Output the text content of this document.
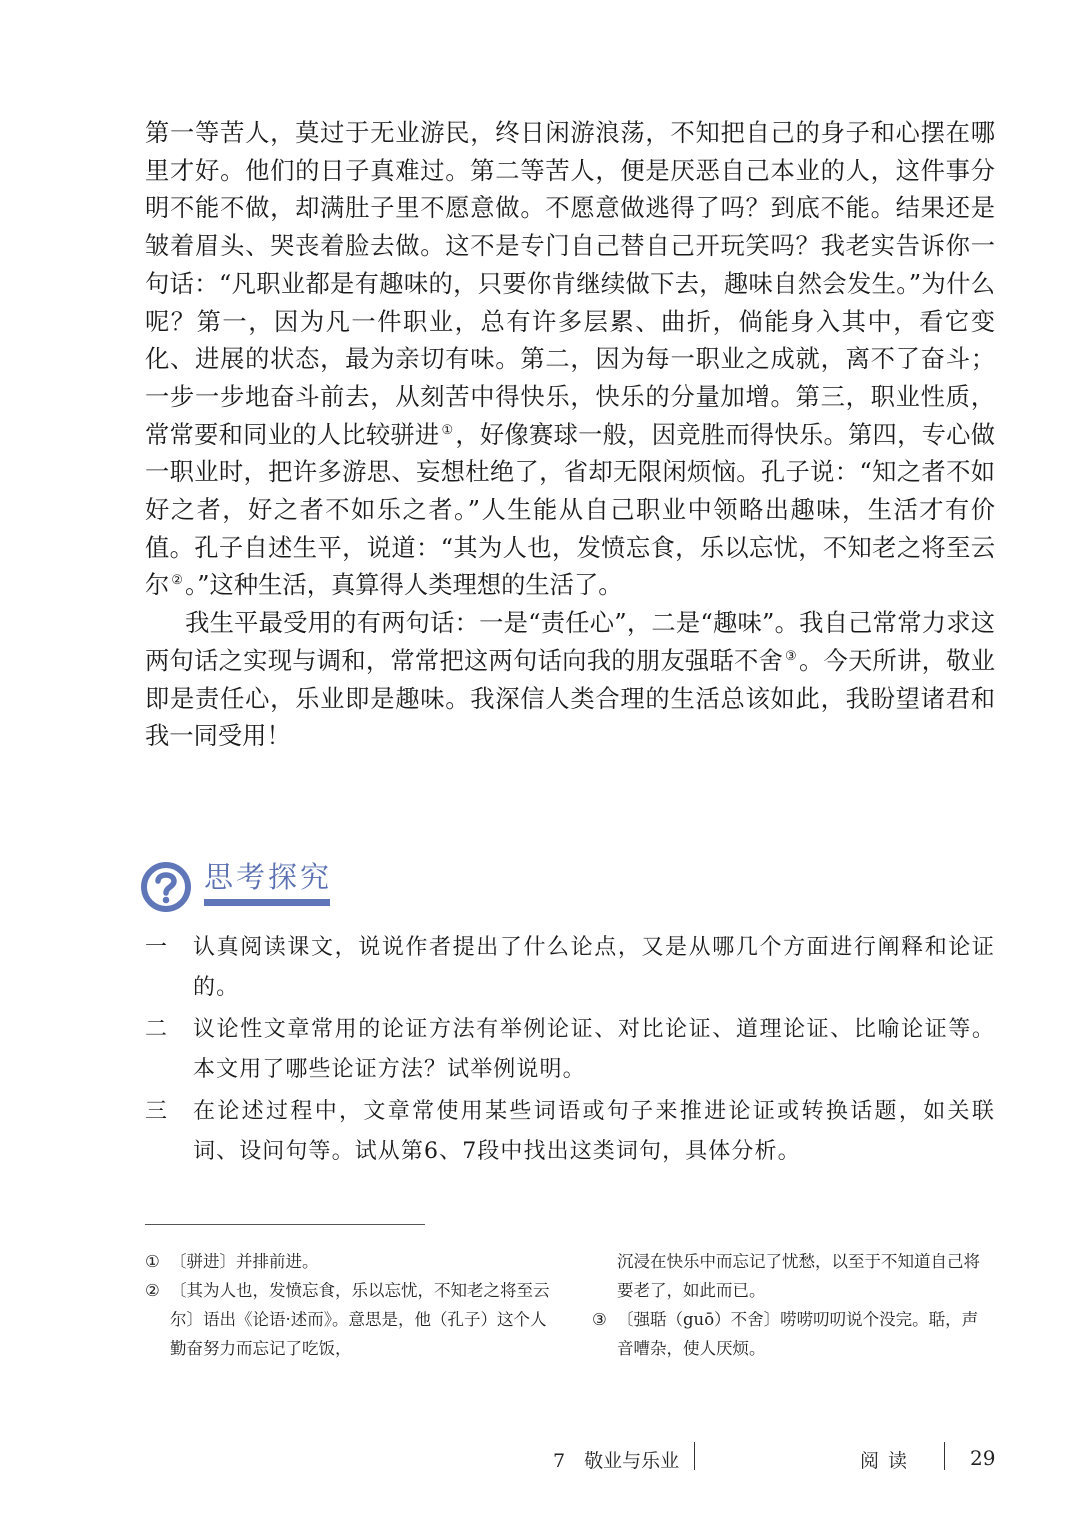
第一等苦人，莫过于无业游民，终日闲游浪荡，不知把自己的身子和心摆在哪里才好。他们的日子真难过。第二等苦人，便是厌恶自己本业的人，这件事分明不能不做，却满肚子里不愿意做。不愿意做逃得了吗？到底不能。结果还是皱着眉头、哭丧着脸去做。这不是专门自己替自己开玩笑吗？我老实告诉你一句话：“凡职业都是有趣味的，只要你肯继续做下去，趣味自然会发生。”为什么呢？第一，因为凡一件职业，总有许多层累、曲折，倘能身入其中，看它变化、进展的状态，最为亲切有味。第二，因为每一职业之成就，离不了奋斗；一步一步地奋斗前去，从刻苦中得快乐，快乐的分量加增。第三，职业性质，常常要和同业的人比较骈进 ①，好像赛球一般，因竞胜而得快乐。第四，专心做一职业时，把许多游思、妄想杜绝了，省却无限闲烦恼。孔子说：“知之者不如好之者，好之者不如乐之者。”人生能从自己职业中领略出趣味，生活才有价值。孔子自述生平，说道：“其为人也，发愤忘食，乐以忘忧，不知老之将至云尔 ②。”这种生活，真算得人类理想的生活了。

我生平最受用的有两句话：一是“责任心”，二是“趣味”。我自己常常力求这两句话之实现与调和，常常把这两句话向我的朋友强聒不舍 ③。今天所讲，敬业即是责任心，乐业即是趣味。我深信人类合理的生活总该如此，我盼望诸君和我一同受用！

思考探究
一 认真阅读课文，说说作者提出了什么论点，又是从哪几个方面进行阐释和论证的。
二 议论性文章常用的论证方法有举例论证、对比论证、道理论证、比喻论证等。本文用了哪些论证方法？试举例说明。
三 在论述过程中，文章常使用某些词语或句子来推进论证或转换话题，如关联词、设问句等。试从第6、7段中找出这类词句，具体分析。

① 〔骈进〕并排前进。

② 〔其为人也，发愤忘食，乐以忘忧，不知老之将至云尔〕语出《论语·述而》。意思是，他（孔子）这个人勤奋努力而忘记了吃饭，

沉浸在快乐中而忘记了忧愁，以至于不知道自己将要老了，如此而已。

③ 〔强聒（guō）不舍〕唠唠叨叨说个没完。聒，声音嘈杂，使人厌烦。

7　敬业与乐业	阅读	29
